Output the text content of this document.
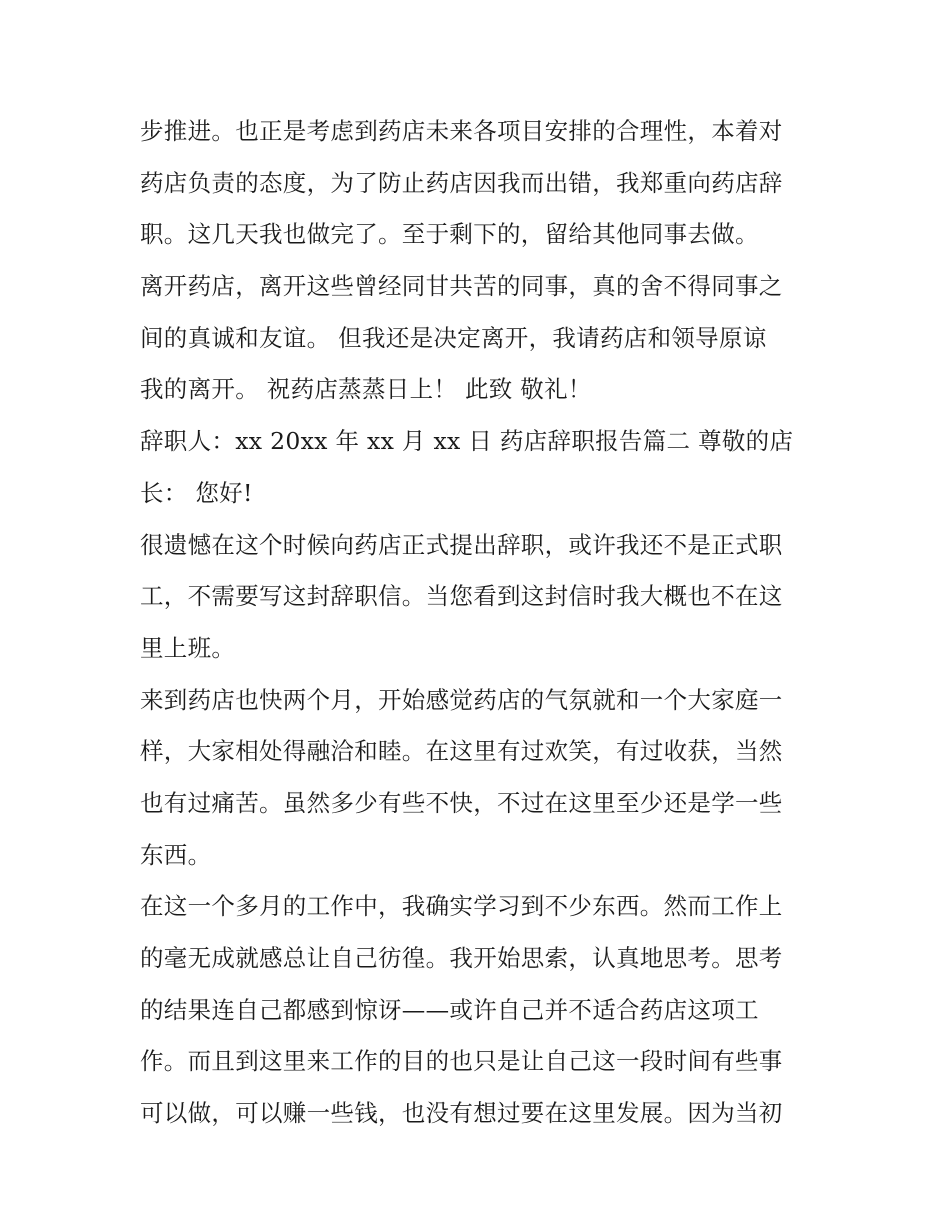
步推进。也正是考虑到药店未来各项目安排的合理性，本着对
药店负责的态度，为了防止药店因我而出错，我郑重向药店辞
职。这几天我也做完了。至于剩下的，留给其他同事去做。
离开药店，离开这些曾经同甘共苦的同事，真的舍不得同事之
间的真诚和友谊。 但我还是决定离开，我请药店和领导原谅
我的离开。 祝药店蒸蒸日上！ 此致 敬礼！
辞职人：xx 20xx 年 xx 月 xx 日 药店辞职报告篇二 尊敬的店
长： 您好!
很遗憾在这个时候向药店正式提出辞职，或许我还不是正式职
工，不需要写这封辞职信。当您看到这封信时我大概也不在这
里上班。
来到药店也快两个月，开始感觉药店的气氛就和一个大家庭一
样，大家相处得融洽和睦。在这里有过欢笑，有过收获，当然
也有过痛苦。虽然多少有些不快，不过在这里至少还是学一些
东西。
在这一个多月的工作中，我确实学习到不少东西。然而工作上
的毫无成就感总让自己彷徨。我开始思索，认真地思考。思考
的结果连自己都感到惊讶——或许自己并不适合药店这项工
作。而且到这里来工作的目的也只是让自己这一段时间有些事
可以做，可以赚一些钱，也没有想过要在这里发展。因为当初
